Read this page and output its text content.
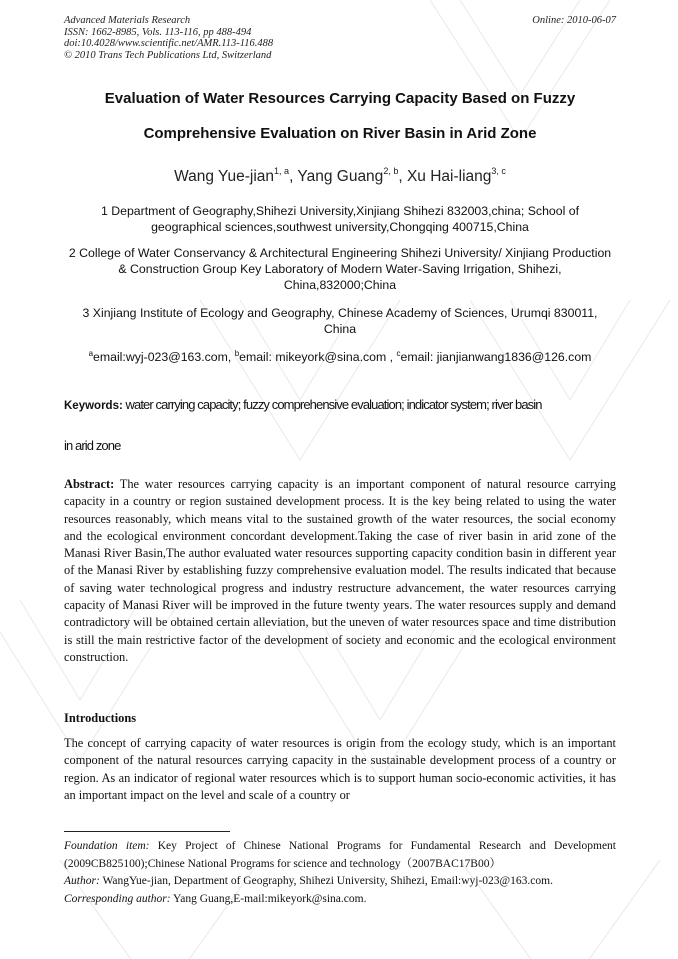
Advanced Materials Research
ISSN: 1662-8985, Vols. 113-116, pp 488-494
doi:10.4028/www.scientific.net/AMR.113-116.488
© 2010 Trans Tech Publications Ltd, Switzerland
Online: 2010-06-07
Evaluation of Water Resources Carrying Capacity Based on Fuzzy
Comprehensive Evaluation on River Basin in Arid Zone
Wang Yue-jian$^{1, a}$, Yang Guang$^{2, b}$, Xu Hai-liang$^{3, c}$
1 Department of Geography,Shihezi University,Xinjiang Shihezi 832003,china; School of
geographical sciences,southwest university,Chongqing 400715,China
2 College of Water Conservancy & Architectural Engineering Shihezi University/ Xinjiang Production
& Construction Group Key Laboratory of Modern Water-Saving Irrigation, Shihezi,
China,832000;China
3 Xinjiang Institute of Ecology and Geography, Chinese Academy of Sciences, Urumqi 830011,
China
$^a$email:wyj-023@163.com, $^b$email: mikeyork@sina.com , $^c$email: jianjianwang1836@126.com
Keywords: water carrying capacity; fuzzy comprehensive evaluation; indicator system; river basin
in arid zone
Abstract: The water resources carrying capacity is an important component of natural resource carrying capacity in a country or region sustained development process. It is the key being related to using the water resources reasonably, which means vital to the sustained growth of the water resources, the social economy and the ecological environment concordant development.Taking the case of river basin in arid zone of the Manasi River Basin,The author evaluated water resources supporting capacity condition basin in different year of the Manasi River by establishing fuzzy comprehensive evaluation model. The results indicated that because of saving water technological progress and industry restructure advancement, the water resources carrying capacity of Manasi River will be improved in the future twenty years. The water resources supply and demand contradictory will be obtained certain alleviation, but the uneven of water resources space and time distribution is still the main restrictive factor of the development of society and economic and the ecological environment construction.
Introductions
The concept of carrying capacity of water resources is origin from the ecology study, which is an important component of the natural resources carrying capacity in the sustainable development process of a country or region. As an indicator of regional water resources which is to support human socio-economic activities, it has an important impact on the level and scale of a country or
Foundation item: Key Project of Chinese National Programs for Fundamental Research and Development (2009CB825100);Chinese National Programs for science and technology（2007BAC17B00）
Author: WangYue-jian, Department of Geography, Shihezi University, Shihezi, Email:wyj-023@163.com.
Corresponding author: Yang Guang,E-mail:mikeyork@sina.com.
